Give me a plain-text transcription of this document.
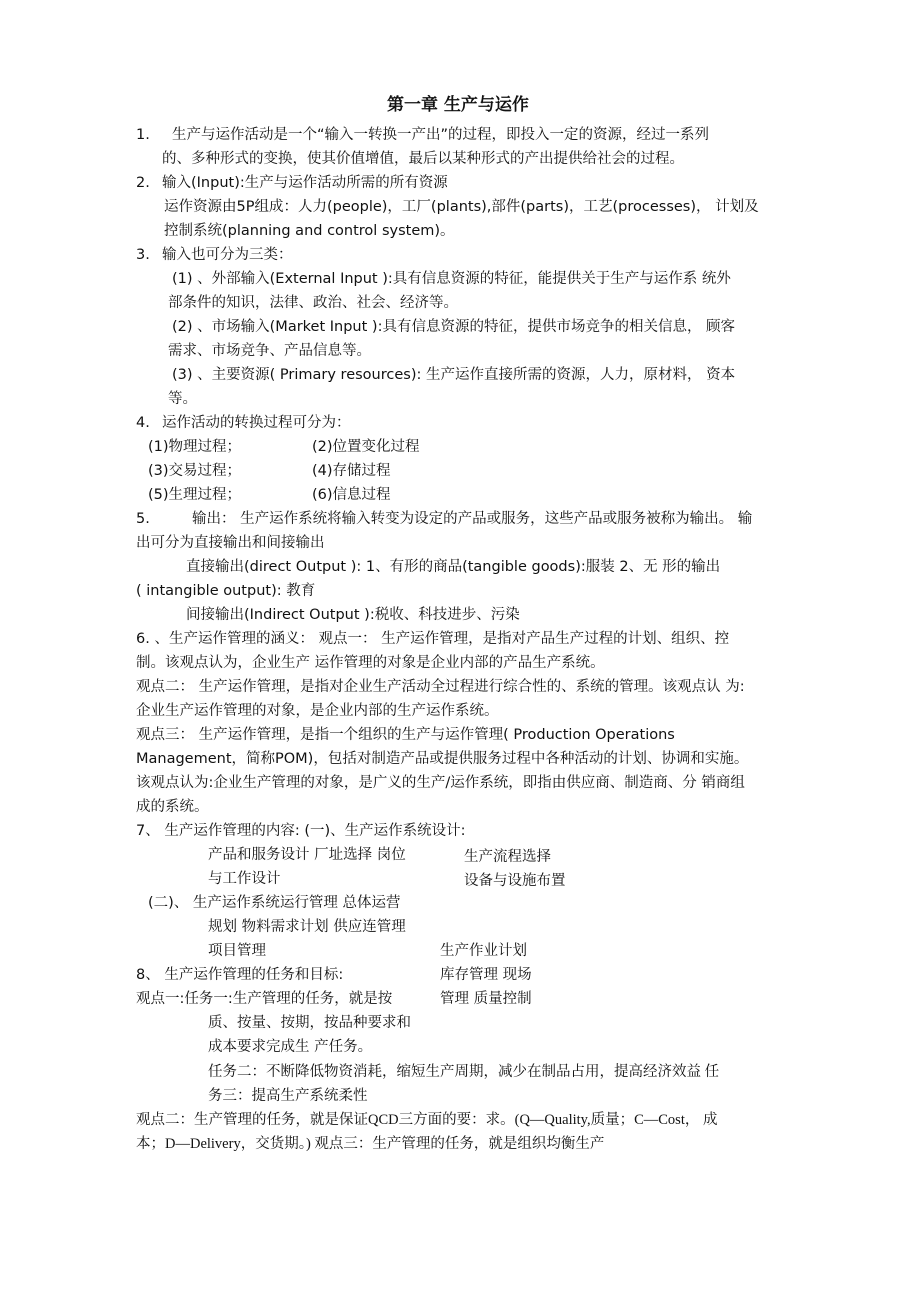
第一章 生产与运作
1. 生产与运作活动是一个“输入一转换一产出”的过程，即投入一定的资源，经过一系列
的、多种形式的变换，使其价值增值，最后以某种形式的产出提供给社会的过程。
2. 输入(Input):生产与运作活动所需的所有资源
运作资源由5P组成：人力(people)，工厂(plants),部件(parts)，工艺(processes)， 计划及
控制系统(planning and control system)。
3. 输入也可分为三类：
(1) 、外部输入(External Input ):具有信息资源的特征，能提供关于生产与运作系 统外
部条件的知识，法律、政治、社会、经济等。
(2) 、市场输入(Market Input ):具有信息资源的特征，提供市场竞争的相关信息， 顾客
需求、市场竞争、产品信息等。
(3) 、主要资源( Primary resources): 生产运作直接所需的资源，人力，原材料， 资本
等。
4. 运作活动的转换过程可分为：
(1)物理过程；	(2)位置变化过程
(3)交易过程；	(4)存储过程
(5)生理过程；	(6)信息过程
5.	输出： 生产运作系统将输入转变为设定的产品或服务，这些产品或服务被称为输出。 输
出可分为直接输出和间接输出
直接输出(direct Output ): 1、有形的商品(tangible goods):服装 2、无 形的输出
( intangible output): 教育
间接输出(Indirect Output ):税收、科技进步、污染
6. 、生产运作管理的涵义： 观点一： 生产运作管理，是指对产品生产过程的计划、组织、控
制。该观点认为，企业生产 运作管理的对象是企业内部的产品生产系统。
观点二： 生产运作管理，是指对企业生产活动全过程进行综合性的、系统的管理。该观点认 为:
企业生产运作管理的对象，是企业内部的生产运作系统。
观点三： 生产运作管理，是指一个组织的生产与运作管理( Production Operations
Management，简称POM)，包括对制造产品或提供服务过程中各种活动的计划、协调和实施。
该观点认为:企业生产管理的对象，是广义的生产/运作系统，即指由供应商、制造商、分 销商组
成的系统。
7、 生产运作管理的内容: (一)、生产运作系统设计:
产品和服务设计 厂址选择 岗位	生产流程选择
与工作设计	设备与设施布置
(二)、 生产运作系统运行管理 总体运营
规划 物料需求计划 供应连管理
项目管理	生产作业计划
8、 生产运作管理的任务和目标:	库存管理 现场
观点一:任务一:生产管理的任务，就是按	管理 质量控制
质、按量、按期，按品种要求和
成本要求完成生 产任务。
任务二：不断降低物资消耗，缩短生产周期，减少在制品占用，提高经济效益 任
务三：提高生产系统柔性
观点二：生产管理的任务，就是保证QCD三方面的要：求。(Q—Quality,质量；C—Cost， 成
本；D—Delivery，交货期。) 观点三：生产管理的任务，就是组织均衡生产
